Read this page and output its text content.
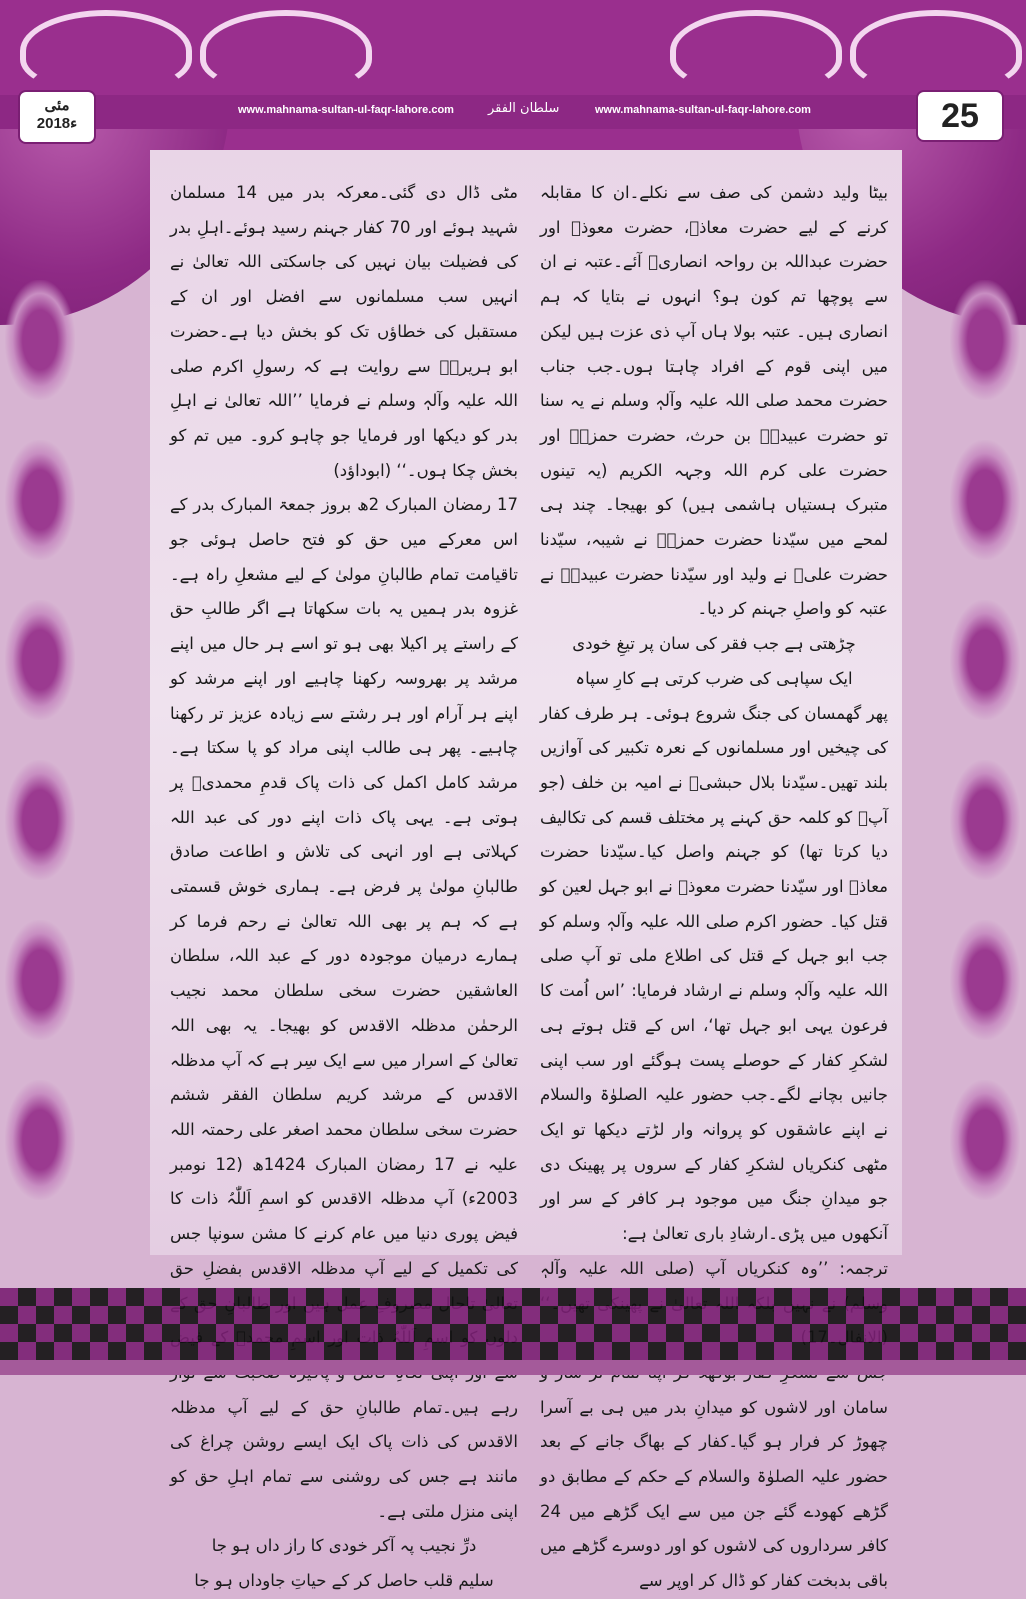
www.mahnama-sultan-ul-faqr-lahore.com	سلطان الفقر	www.mahnama-sultan-ul-faqr-lahore.com	25
مئی
2018ء

بیٹا ولید دشمن کی صف سے نکلے۔ان کا مقابلہ کرنے کے لیے حضرت معاذؓ، حضرت معوذؓ اور حضرت عبداللہ بن رواحہ انصاریؓ آئے۔عتبہ نے ان سے پوچھا تم کون ہو؟ انہوں نے بتایا کہ ہم انصاری ہیں۔ عتبہ بولا ہاں آپ ذی عزت ہیں لیکن میں اپنی قوم کے افراد چاہتا ہوں۔جب جناب حضرت محمد صلی اللہ علیہ وآلہٖ وسلم نے یہ سنا تو حضرت عبیدہؓ بن حرث، حضرت حمزہؓ اور حضرت علی کرم اللہ وجہہ الکریم (یہ تینوں متبرک ہستیاں ہاشمی ہیں) کو بھیجا۔ چند ہی لمحے میں سیّدنا حضرت حمزہؓ نے شیبہ، سیّدنا حضرت علیؓ نے ولید اور سیّدنا حضرت عبیدہؓ نے عتبہ کو واصلِ جہنم کر دیا۔

چڑھتی ہے جب فقر کی سان پر تیغِ خودی

ایک سپاہی کی ضرب کرتی ہے کارِ سپاہ

پھر گھمسان کی جنگ شروع ہوئی۔ ہر طرف کفار کی چیخیں اور مسلمانوں کے نعرہ تکبیر کی آوازیں بلند تھیں۔سیّدنا بلال حبشیؓ نے امیہ بن خلف (جو آپؓ کو کلمہ حق کہنے پر مختلف قسم کی تکالیف دیا کرتا تھا) کو جہنم واصل کیا۔سیّدنا حضرت معاذؓ اور سیّدنا حضرت معوذؓ نے ابو جہل لعین کو قتل کیا۔ حضور اکرم صلی اللہ علیہ وآلہٖ وسلم کو جب ابو جہل کے قتل کی اطلاع ملی تو آپ صلی اللہ علیہ وآلہٖ وسلم نے ارشاد فرمایا: ’اس اُمت کا فرعون یہی ابو جہل تھا‘، اس کے قتل ہوتے ہی لشکرِ کفار کے حوصلے پست ہوگئے اور سب اپنی جانیں بچانے لگے۔جب حضور علیہ الصلوٰۃ والسلام نے اپنے عاشقوں کو پروانہ وار لڑتے دیکھا تو ایک مٹھی کنکریاں لشکرِ کفار کے سروں پر پھینک دی جو میدانِ جنگ میں موجود ہر کافر کے سر اور آنکھوں میں پڑی۔ارشادِ باری تعالیٰ ہے:

ترجمہ: ’’وہ کنکریاں آپ (صلی اللہ علیہ وآلہٖ

سامان اور لاشوں کو میدانِ بدر میں ہی بے آسرا چھوڑ کر فرار ہو گیا۔کفار کے بھاگ جانے کے بعد حضور علیہ الصلوٰۃ والسلام کے حکم کے مطابق دو گڑھے کھودے گئے جن میں سے ایک گڑھے میں 24 کافر سرداروں کی لاشوں کو اور دوسرے گڑھے میں باقی بدبخت کفار کو ڈال کر اوپر سے

مٹی ڈال دی گئی۔معرکہ بدر میں 14 مسلمان شہید ہوئے اور 70 کفار جہنم رسید ہوئے۔اہلِ بدر کی فضیلت بیان نہیں کی جاسکتی اللہ تعالیٰ نے انہیں سب مسلمانوں سے افضل اور ان کے مستقبل کی خطاؤں تک کو بخش دیا ہے۔حضرت ابو ہریرہؓ سے روایت ہے کہ رسولِ اکرم صلی اللہ علیہ وآلہٖ وسلم نے فرمایا ’’اللہ تعالیٰ نے اہلِ بدر کو دیکھا اور فرمایا جو چاہو کرو۔ میں تم کو بخش چکا ہوں۔‘‘ (ابوداؤد)

17 رمضان المبارک 2ھ بروز جمعۃ المبارک بدر کے اس معرکے میں حق کو فتح حاصل ہوئی جو تاقیامت تمام طالبانِ مولیٰ کے لیے مشعلِ راہ ہے۔غزوہ بدر ہمیں یہ بات سکھاتا ہے اگر طالبِ حق کے راستے پر اکیلا بھی ہو تو اسے ہر حال میں اپنے مرشد پر بھروسہ رکھنا چاہیے اور اپنے مرشد کو اپنے ہر آرام اور ہر رشتے سے زیادہ عزیز تر رکھنا چاہیے۔ پھر ہی طالب اپنی مراد کو پا سکتا ہے۔مرشد کامل اکمل کی ذات پاک قدمِ محمدیؐ پر ہوتی ہے۔ یہی پاک ذات اپنے دور کی عبد اللہ کہلاتی ہے اور انہی کی تلاش و اطاعت صادق طالبانِ مولیٰ پر فرض ہے۔ ہماری خوش قسمتی ہے کہ ہم پر بھی اللہ تعالیٰ نے رحم فرما کر ہمارے درمیان موجودہ دور کے عبد اللہ، سلطان العاشقین حضرت سخی سلطان محمد نجیب الرحمٰن مدظلہ الاقدس کو بھیجا۔ یہ بھی اللہ تعالیٰ کے اسرار میں سے ایک سِر ہے کہ آپ مدظلہ الاقدس کے مرشد کریم سلطان الفقر ششم حضرت سخی سلطان محمد اصغر علی رحمتہ اللہ علیہ نے 17 رمضان المبارک 1424ھ (12 نومبر 2003ء) آپ مدظلہ الاقدس کو اسمِ اَللّٰہُ ذات کا فیض پوری دنیا میں عام کرنے کا مشن سونپا جس کی تکمیل کے لیے آپ مدظلہ الاقدس بفضلِ حق رہے ہیں۔تمام طالبانِ حق کے لیے آپ مدظلہ الاقدس کی ذات پاک ایک ایسے روشن چراغ کی مانند ہے جس کی روشنی سے تمام اہلِ حق کو اپنی منزل ملتی ہے۔

درِّ نجیب پہ آکر خودی کا راز داں ہو جا

سلیم قلب حاصل کر کے حیاتِ جاوداں ہو جا
